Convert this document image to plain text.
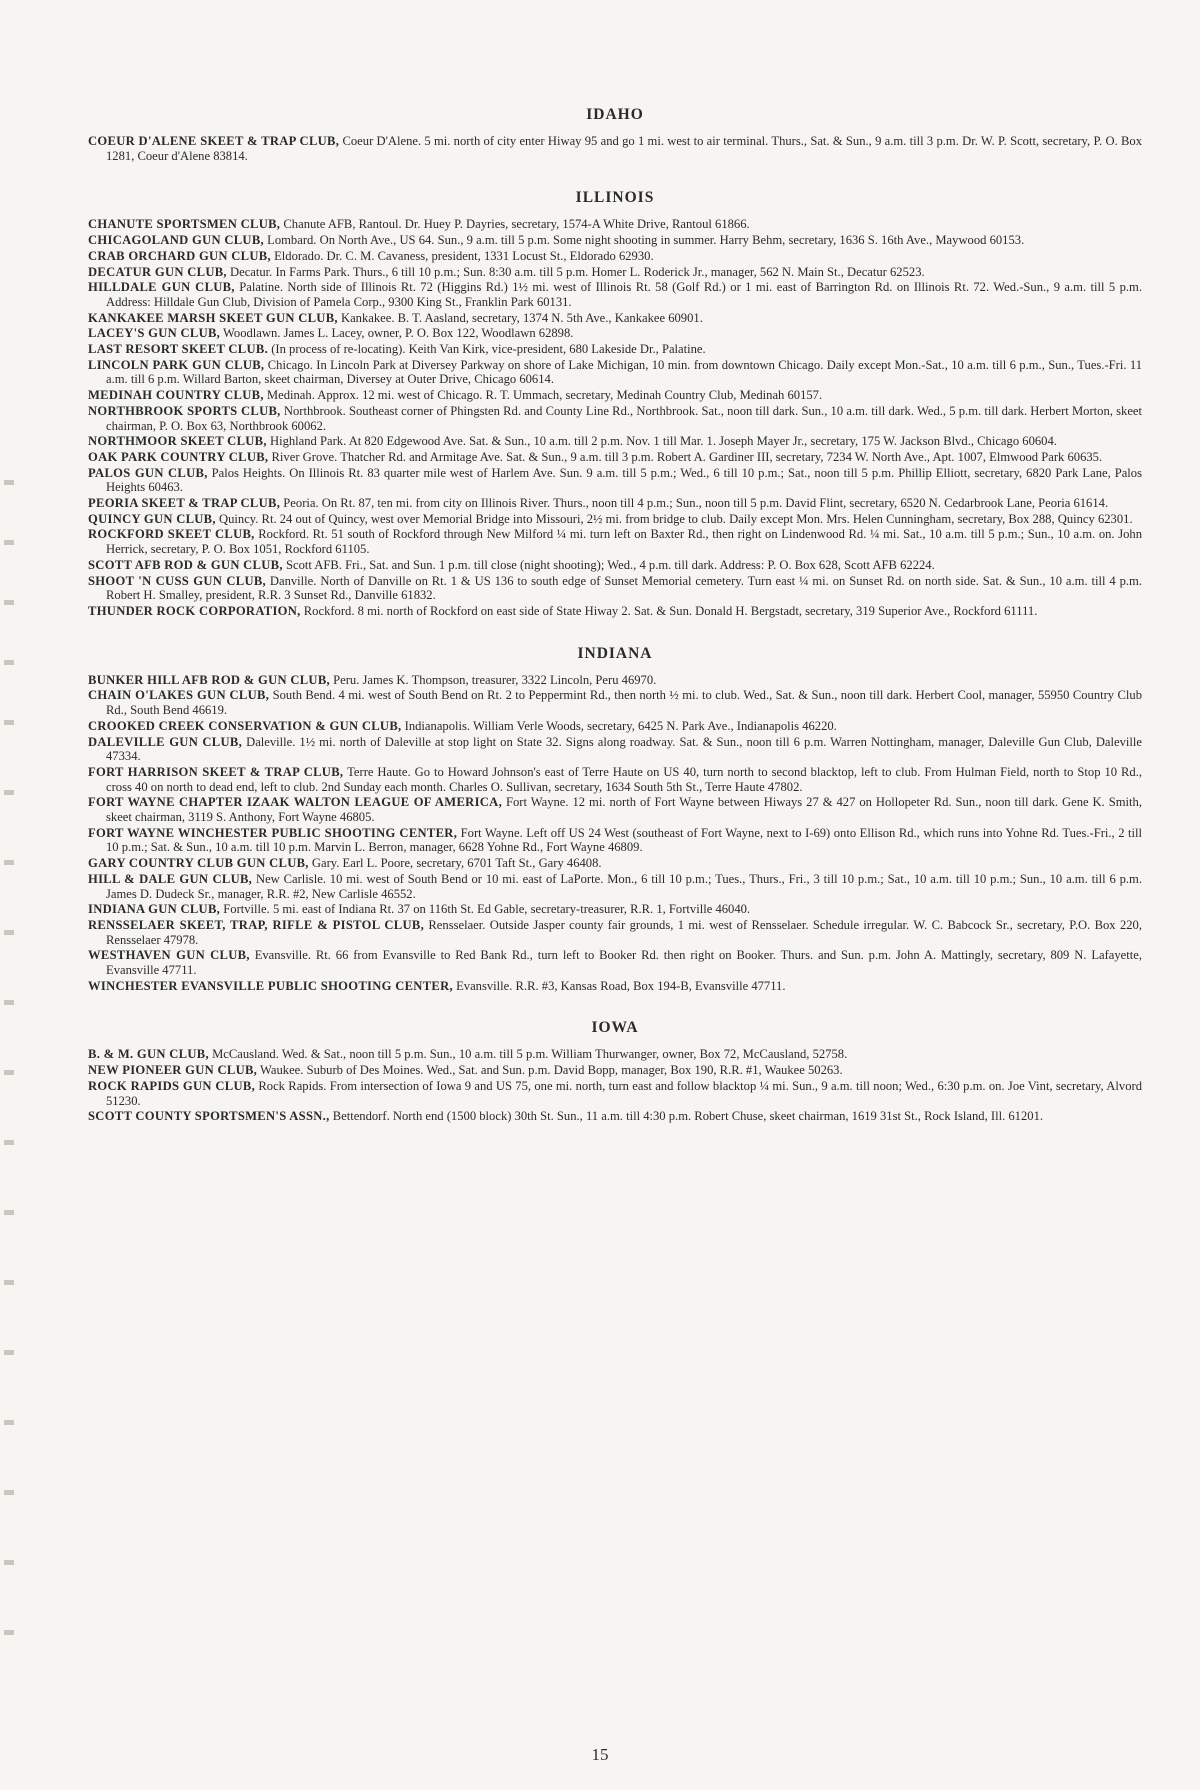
IDAHO
COEUR D'ALENE SKEET & TRAP CLUB, Coeur D'Alene. 5 mi. north of city enter Hiway 95 and go 1 mi. west to air terminal. Thurs., Sat. & Sun., 9 a.m. till 3 p.m. Dr. W. P. Scott, secretary, P. O. Box 1281, Coeur d'Alene 83814.
ILLINOIS
CHANUTE SPORTSMEN CLUB, Chanute AFB, Rantoul. Dr. Huey P. Dayries, secretary, 1574-A White Drive, Rantoul 61866.
CHICAGOLAND GUN CLUB, Lombard. On North Ave., US 64. Sun., 9 a.m. till 5 p.m. Some night shooting in summer. Harry Behm, secretary, 1636 S. 16th Ave., Maywood 60153.
CRAB ORCHARD GUN CLUB, Eldorado. Dr. C. M. Cavaness, president, 1331 Locust St., Eldorado 62930.
DECATUR GUN CLUB, Decatur. In Farms Park. Thurs., 6 till 10 p.m.; Sun. 8:30 a.m. till 5 p.m. Homer L. Roderick Jr., manager, 562 N. Main St., Decatur 62523.
HILLDALE GUN CLUB, Palatine. North side of Illinois Rt. 72 (Higgins Rd.) 1½ mi. west of Illinois Rt. 58 (Golf Rd.) or 1 mi. east of Barrington Rd. on Illinois Rt. 72. Wed.-Sun., 9 a.m. till 5 p.m. Address: Hilldale Gun Club, Division of Pamela Corp., 9300 King St., Franklin Park 60131.
KANKAKEE MARSH SKEET GUN CLUB, Kankakee. B. T. Aasland, secretary, 1374 N. 5th Ave., Kankakee 60901.
LACEY'S GUN CLUB, Woodlawn. James L. Lacey, owner, P. O. Box 122, Woodlawn 62898.
LAST RESORT SKEET CLUB. (In process of re-locating). Keith Van Kirk, vice-president, 680 Lakeside Dr., Palatine.
LINCOLN PARK GUN CLUB, Chicago. In Lincoln Park at Diversey Parkway on shore of Lake Michigan, 10 min. from downtown Chicago. Daily except Mon.-Sat., 10 a.m. till 6 p.m., Sun., Tues.-Fri. 11 a.m. till 6 p.m. Willard Barton, skeet chairman, Diversey at Outer Drive, Chicago 60614.
MEDINAH COUNTRY CLUB, Medinah. Approx. 12 mi. west of Chicago. R. T. Ummach, secretary, Medinah Country Club, Medinah 60157.
NORTHBROOK SPORTS CLUB, Northbrook. Southeast corner of Phingsten Rd. and County Line Rd., Northbrook. Sat., noon till dark. Sun., 10 a.m. till dark. Wed., 5 p.m. till dark. Herbert Morton, skeet chairman, P. O. Box 63, Northbrook 60062.
NORTHMOOR SKEET CLUB, Highland Park. At 820 Edgewood Ave. Sat. & Sun., 10 a.m. till 2 p.m. Nov. 1 till Mar. 1. Joseph Mayer Jr., secretary, 175 W. Jackson Blvd., Chicago 60604.
OAK PARK COUNTRY CLUB, River Grove. Thatcher Rd. and Armitage Ave. Sat. & Sun., 9 a.m. till 3 p.m. Robert A. Gardiner III, secretary, 7234 W. North Ave., Apt. 1007, Elmwood Park 60635.
PALOS GUN CLUB, Palos Heights. On Illinois Rt. 83 quarter mile west of Harlem Ave. Sun. 9 a.m. till 5 p.m.; Wed., 6 till 10 p.m.; Sat., noon till 5 p.m. Phillip Elliott, secretary, 6820 Park Lane, Palos Heights 60463.
PEORIA SKEET & TRAP CLUB, Peoria. On Rt. 87, ten mi. from city on Illinois River. Thurs., noon till 4 p.m.; Sun., noon till 5 p.m. David Flint, secretary, 6520 N. Cedarbrook Lane, Peoria 61614.
QUINCY GUN CLUB, Quincy. Rt. 24 out of Quincy, west over Memorial Bridge into Missouri, 2½ mi. from bridge to club. Daily except Mon. Mrs. Helen Cunningham, secretary, Box 288, Quincy 62301.
ROCKFORD SKEET CLUB, Rockford. Rt. 51 south of Rockford through New Milford ¼ mi. turn left on Baxter Rd., then right on Lindenwood Rd. ¼ mi. Sat., 10 a.m. till 5 p.m.; Sun., 10 a.m. on. John Herrick, secretary, P. O. Box 1051, Rockford 61105.
SCOTT AFB ROD & GUN CLUB, Scott AFB. Fri., Sat. and Sun. 1 p.m. till close (night shooting); Wed., 4 p.m. till dark. Address: P. O. Box 628, Scott AFB 62224.
SHOOT 'N CUSS GUN CLUB, Danville. North of Danville on Rt. 1 & US 136 to south edge of Sunset Memorial cemetery. Turn east ¼ mi. on Sunset Rd. on north side. Sat. & Sun., 10 a.m. till 4 p.m. Robert H. Smalley, president, R.R. 3 Sunset Rd., Danville 61832.
THUNDER ROCK CORPORATION, Rockford. 8 mi. north of Rockford on east side of State Hiway 2. Sat. & Sun. Donald H. Bergstadt, secretary, 319 Superior Ave., Rockford 61111.
INDIANA
BUNKER HILL AFB ROD & GUN CLUB, Peru. James K. Thompson, treasurer, 3322 Lincoln, Peru 46970.
CHAIN O'LAKES GUN CLUB, South Bend. 4 mi. west of South Bend on Rt. 2 to Peppermint Rd., then north ½ mi. to club. Wed., Sat. & Sun., noon till dark. Herbert Cool, manager, 55950 Country Club Rd., South Bend 46619.
CROOKED CREEK CONSERVATION & GUN CLUB, Indianapolis. William Verle Woods, secretary, 6425 N. Park Ave., Indianapolis 46220.
DALEVILLE GUN CLUB, Daleville. 1½ mi. north of Daleville at stop light on State 32. Signs along roadway. Sat. & Sun., noon till 6 p.m. Warren Nottingham, manager, Daleville Gun Club, Daleville 47334.
FORT HARRISON SKEET & TRAP CLUB, Terre Haute. Go to Howard Johnson's east of Terre Haute on US 40, turn north to second blacktop, left to club. From Hulman Field, north to Stop 10 Rd., cross 40 on north to dead end, left to club. 2nd Sunday each month. Charles O. Sullivan, secretary, 1634 South 5th St., Terre Haute 47802.
FORT WAYNE CHAPTER IZAAK WALTON LEAGUE OF AMERICA, Fort Wayne. 12 mi. north of Fort Wayne between Hiways 27 & 427 on Hollopeter Rd. Sun., noon till dark. Gene K. Smith, skeet chairman, 3119 S. Anthony, Fort Wayne 46805.
FORT WAYNE WINCHESTER PUBLIC SHOOTING CENTER, Fort Wayne. Left off US 24 West (southeast of Fort Wayne, next to I-69) onto Ellison Rd., which runs into Yohne Rd. Tues.-Fri., 2 till 10 p.m.; Sat. & Sun., 10 a.m. till 10 p.m. Marvin L. Berron, manager, 6628 Yohne Rd., Fort Wayne 46809.
GARY COUNTRY CLUB GUN CLUB, Gary. Earl L. Poore, secretary, 6701 Taft St., Gary 46408.
HILL & DALE GUN CLUB, New Carlisle. 10 mi. west of South Bend or 10 mi. east of LaPorte. Mon., 6 till 10 p.m.; Tues., Thurs., Fri., 3 till 10 p.m.; Sat., 10 a.m. till 10 p.m.; Sun., 10 a.m. till 6 p.m. James D. Dudeck Sr., manager, R.R. #2, New Carlisle 46552.
INDIANA GUN CLUB, Fortville. 5 mi. east of Indiana Rt. 37 on 116th St. Ed Gable, secretary-treasurer, R.R. 1, Fortville 46040.
RENSSELAER SKEET, TRAP, RIFLE & PISTOL CLUB, Rensselaer. Outside Jasper county fair grounds, 1 mi. west of Rensselaer. Schedule irregular. W. C. Babcock Sr., secretary, P.O. Box 220, Rensselaer 47978.
WESTHAVEN GUN CLUB, Evansville. Rt. 66 from Evansville to Red Bank Rd., turn left to Booker Rd. then right on Booker. Thurs. and Sun. p.m. John A. Mattingly, secretary, 809 N. Lafayette, Evansville 47711.
WINCHESTER EVANSVILLE PUBLIC SHOOTING CENTER, Evansville. R.R. #3, Kansas Road, Box 194-B, Evansville 47711.
IOWA
B. & M. GUN CLUB, McCausland. Wed. & Sat., noon till 5 p.m. Sun., 10 a.m. till 5 p.m. William Thurwanger, owner, Box 72, McCausland, 52758.
NEW PIONEER GUN CLUB, Waukee. Suburb of Des Moines. Wed., Sat. and Sun. p.m. David Bopp, manager, Box 190, R.R. #1, Waukee 50263.
ROCK RAPIDS GUN CLUB, Rock Rapids. From intersection of Iowa 9 and US 75, one mi. north, turn east and follow blacktop ¼ mi. Sun., 9 a.m. till noon; Wed., 6:30 p.m. on. Joe Vint, secretary, Alvord 51230.
SCOTT COUNTY SPORTSMEN'S ASSN., Bettendorf. North end (1500 block) 30th St. Sun., 11 a.m. till 4:30 p.m. Robert Chuse, skeet chairman, 1619 31st St., Rock Island, Ill. 61201.
15
